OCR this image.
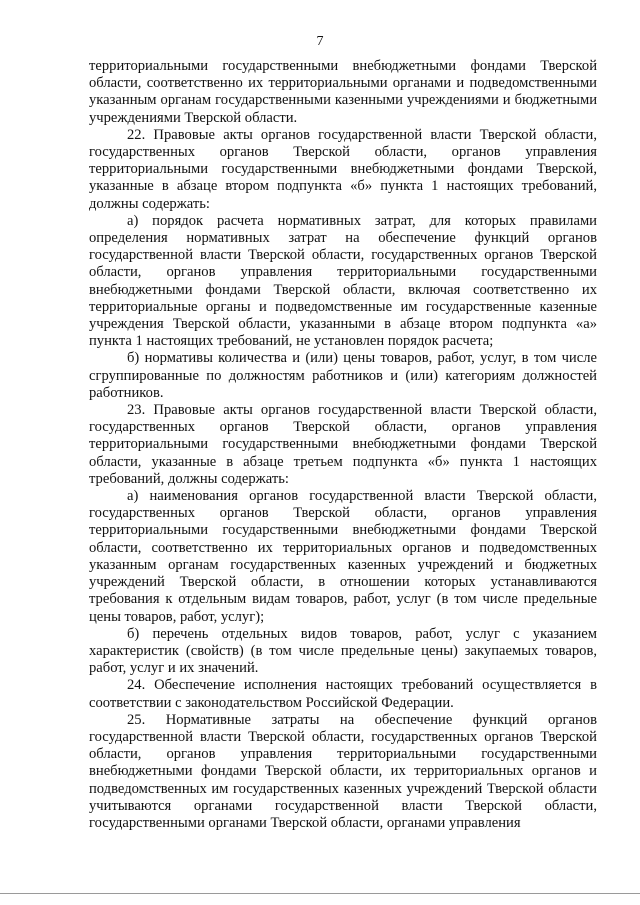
7

территориальными государственными внебюджетными фондами Тверской области, соответственно их территориальными органами и подведомственными указанным органам государственными казенными учреждениями и бюджетными учреждениями Тверской области.

22. Правовые акты органов государственной власти Тверской области, государственных органов Тверской области, органов управления территориальными государственными внебюджетными фондами Тверской, указанные в абзаце втором подпункта «б» пункта 1 настоящих требований, должны содержать:

а) порядок расчета нормативных затрат, для которых правилами определения нормативных затрат на обеспечение функций органов государственной власти Тверской области, государственных органов Тверской области, органов управления территориальными государственными внебюджетными фондами Тверской области, включая соответственно их территориальные органы и подведомственные им государственные казенные учреждения Тверской области, указанными в абзаце втором подпункта «а» пункта 1 настоящих требований, не установлен порядок расчета;

б) нормативы количества и (или) цены товаров, работ, услуг, в том числе сгруппированные по должностям работников и (или) категориям должностей работников.

23. Правовые акты органов государственной власти Тверской области, государственных органов Тверской области, органов управления территориальными государственными внебюджетными фондами Тверской области, указанные в абзаце третьем подпункта «б» пункта 1 настоящих требований, должны содержать:

а) наименования органов государственной власти Тверской области, государственных органов Тверской области, органов управления территориальными государственными внебюджетными фондами Тверской области, соответственно их территориальных органов и подведомственных указанным органам государственных казенных учреждений и бюджетных учреждений Тверской области, в отношении которых устанавливаются требования к отдельным видам товаров, работ, услуг (в том числе предельные цены товаров, работ, услуг);

б) перечень отдельных видов товаров, работ, услуг с указанием характеристик (свойств) (в том числе предельные цены) закупаемых товаров, работ, услуг и их значений.

24. Обеспечение исполнения настоящих требований осуществляется в соответствии с законодательством Российской Федерации.

25. Нормативные затраты на обеспечение функций органов государственной власти Тверской области, государственных органов Тверской области, органов управления территориальными государственными внебюджетными фондами Тверской области, их территориальных органов и подведомственных им государственных казенных учреждений Тверской области учитываются органами государственной власти Тверской области, государственными органами Тверской области, органами управления
